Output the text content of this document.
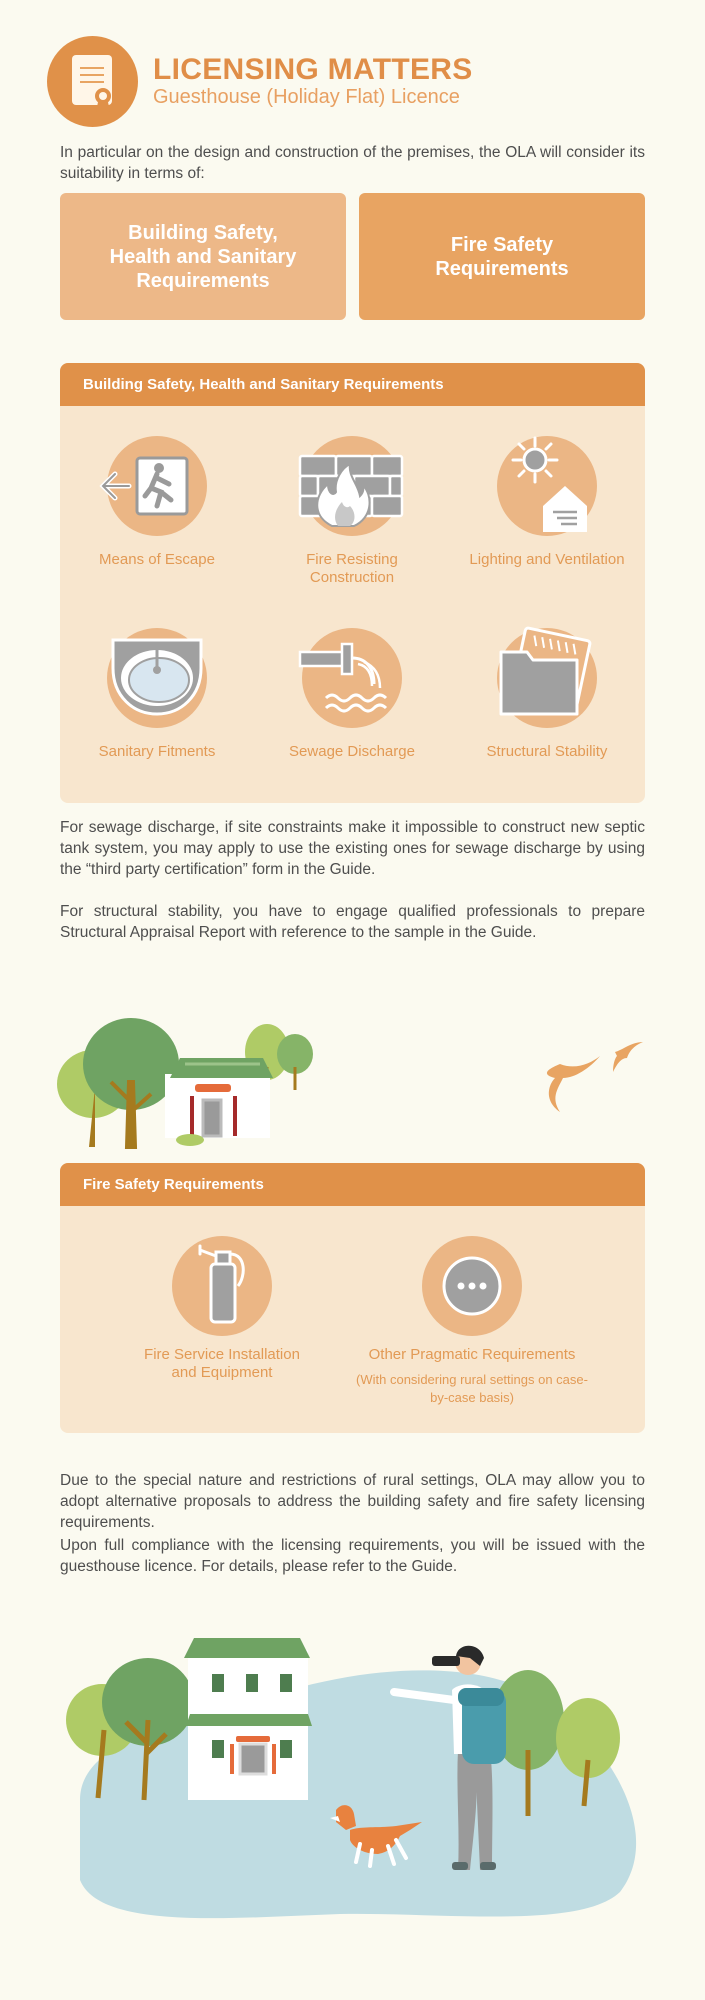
LICENSING MATTERS
Guesthouse (Holiday Flat) Licence
In particular on the design and construction of the premises, the OLA will consider its suitability in terms of:
Building Safety, Health and Sanitary Requirements
Fire Safety Requirements
Building Safety, Health and Sanitary Requirements
Means of Escape	Fire Resisting Construction
Lighting and Ventilation
Sanitary Fitments	Sewage Discharge	Structural Stability
For sewage discharge, if site constraints make it impossible to construct new septic tank system, you may apply to use the existing ones for sewage discharge by using the “third party certification” form in the Guide.
For structural stability, you have to engage qualified professionals to prepare Structural Appraisal Report with reference to the sample in the Guide.
Fire Safety Requirements
Fire Service Installation and Equipment
Other Pragmatic Requirements
(With considering rural settings on case-by-case basis)
Due to the special nature and restrictions of rural settings, OLA may allow you to adopt alternative proposals to address the building safety and fire safety licensing requirements.
Upon full compliance with the licensing requirements, you will be issued with the guesthouse licence. For details, please refer to the Guide.
